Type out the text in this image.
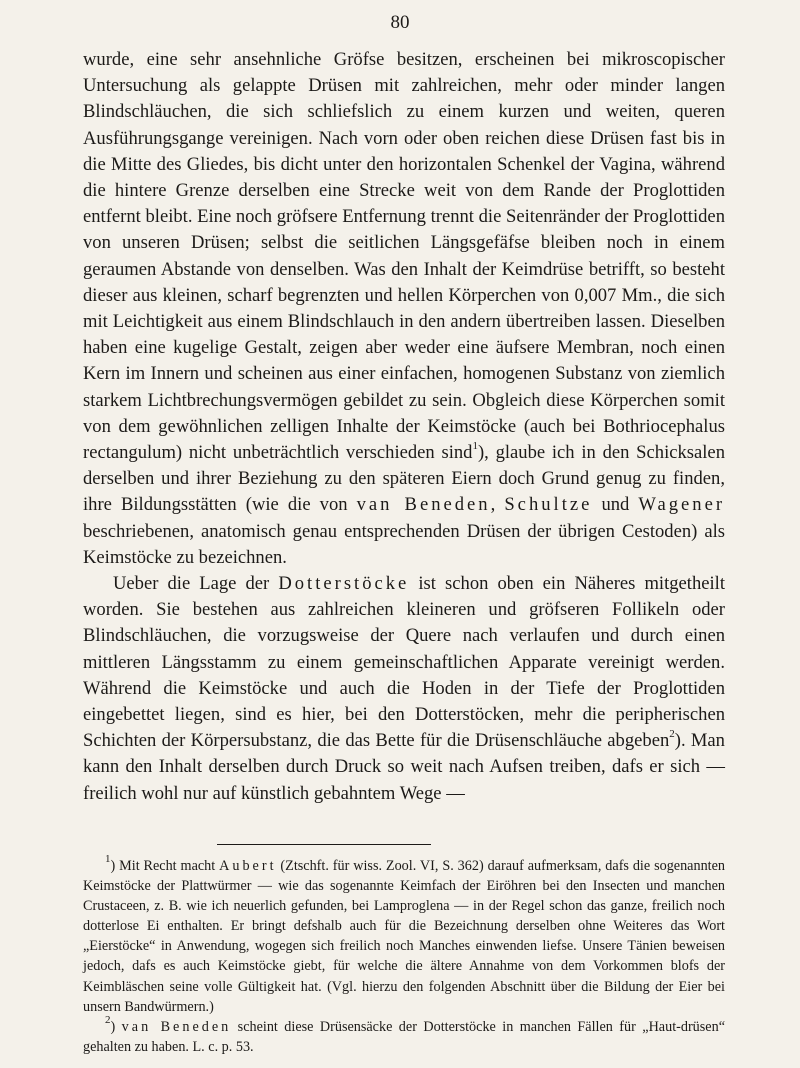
80

wurde, eine sehr ansehnliche Gröfse besitzen, erscheinen bei mikroscopischer Untersuchung als gelappte Drüsen mit zahlreichen, mehr oder minder langen Blindschläuchen, die sich schliefslich zu einem kurzen und weiten, queren Ausführungsgange vereinigen. Nach vorn oder oben reichen diese Drüsen fast bis in die Mitte des Gliedes, bis dicht unter den horizontalen Schenkel der Vagina, während die hintere Grenze derselben eine Strecke weit von dem Rande der Proglottiden entfernt bleibt. Eine noch gröfsere Entfernung trennt die Seitenränder der Proglottiden von unseren Drüsen; selbst die seitlichen Längsgefäfse bleiben noch in einem geraumen Abstande von denselben. Was den Inhalt der Keimdrüse betrifft, so besteht dieser aus kleinen, scharf begrenzten und hellen Körperchen von 0,007 Mm., die sich mit Leichtigkeit aus einem Blindschlauch in den andern übertreiben lassen. Dieselben haben eine kugelige Gestalt, zeigen aber weder eine äufsere Membran, noch einen Kern im Innern und scheinen aus einer einfachen, homogenen Substanz von ziemlich starkem Lichtbrechungsvermögen gebildet zu sein. Obgleich diese Körperchen somit von dem gewöhnlichen zelligen Inhalte der Keimstöcke (auch bei Bothriocephalus rectangulum) nicht unbeträchtlich verschieden sind$^1$), glaube ich in den Schicksalen derselben und ihrer Beziehung zu den späteren Eiern doch Grund genug zu finden, ihre Bildungsstätten (wie die von van Beneden, Schultze und Wagener beschriebenen, anatomisch genau entsprechenden Drüsen der übrigen Cestoden) als Keimstöcke zu bezeichnen.

Ueber die Lage der Dotterstöcke ist schon oben ein Näheres mitgetheilt worden. Sie bestehen aus zahlreichen kleineren und gröfseren Follikeln oder Blindschläuchen, die vorzugsweise der Quere nach verlaufen und durch einen mittleren Längsstamm zu einem gemeinschaftlichen Apparate vereinigt werden. Während die Keimstöcke und auch die Hoden in der Tiefe der Proglottiden eingebettet liegen, sind es hier, bei den Dotterstöcken, mehr die peripherischen Schichten der Körpersubstanz, die das Bette für die Drüsenschläuche abgeben$^2$). Man kann den Inhalt derselben durch Druck so weit nach Aufsen treiben, dafs er sich — freilich wohl nur auf künstlich gebahntem Wege —

$^1$) Mit Recht macht Aubert (Ztschft. für wiss. Zool. VI, S. 362) darauf aufmerksam, dafs die sogenannten Keimstöcke der Plattwürmer — wie das sogenannte Keimfach der Eiröhren bei den Insecten und manchen Crustaceen, z. B. wie ich neuerlich gefunden, bei Lamproglena — in der Regel schon das ganze, freilich noch dotterlose Ei enthalten. Er bringt defshalb auch für die Bezeichnung derselben ohne Weiteres das Wort „Eierstöcke“ in Anwendung, wogegen sich freilich noch Manches einwenden liefse. Unsere Tänien beweisen jedoch, dafs es auch Keimstöcke giebt, für welche die ältere Annahme von dem Vorkommen blofs der Keimbläschen seine volle Gültigkeit hat. (Vgl. hierzu den folgenden Abschnitt über die Bildung der Eier bei unsern Bandwürmern.)

$^2$) van Beneden scheint diese Drüsensäcke der Dotterstöcke in manchen Fällen für „Haut-drüsen“ gehalten zu haben. L. c. p. 53.
